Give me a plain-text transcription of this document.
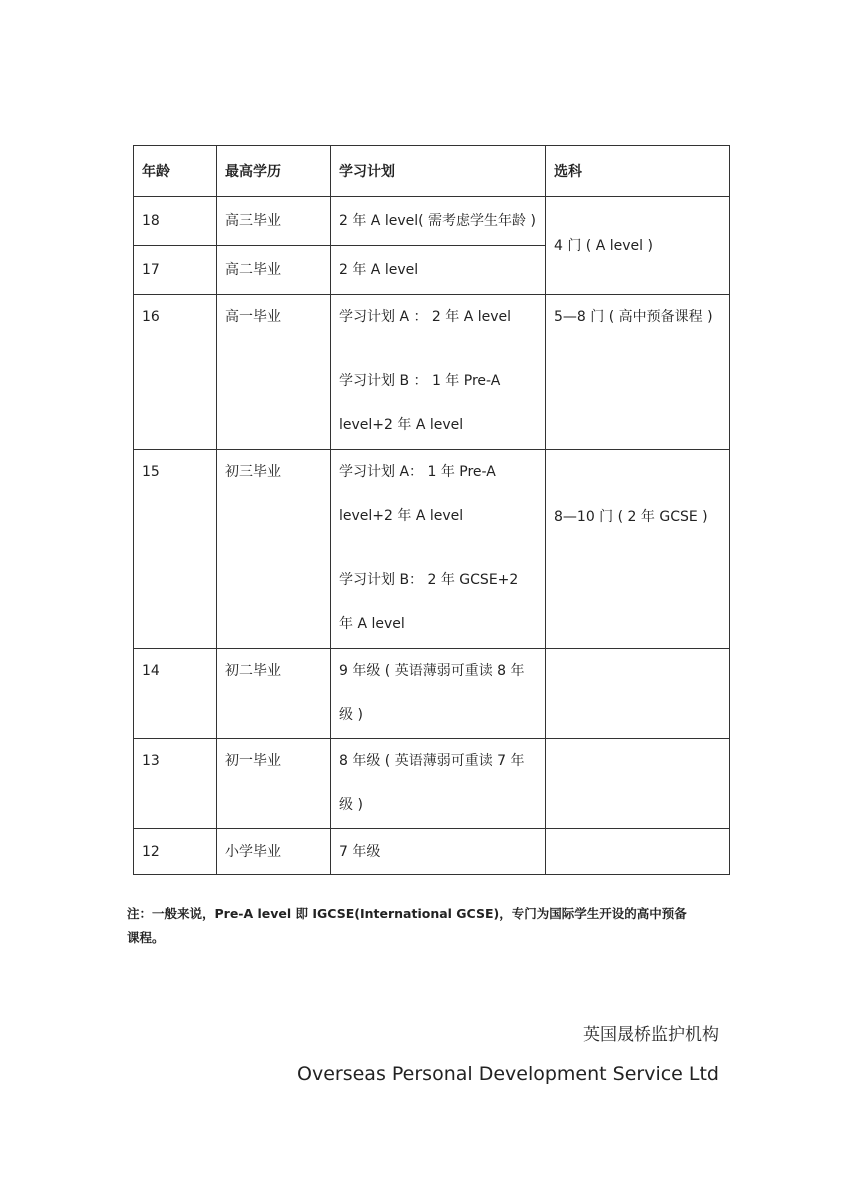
年龄	最高学历	学习计划	选科
18	高三毕业	2 年 A level( 需考虑学生年龄 )	4 门 ( A level )
17	高二毕业	2 年 A level	
16	高一毕业	学习计划 A ： 2 年 A level
学习计划 B ： 1 年 Pre-A
level+2 年 A level	5—8 门 ( 高中预备课程 )

15	初三毕业	学习计划 A： 1 年 Pre-A
level+2 年 A level
学习计划 B： 2 年 GCSE+2
年 A level	8—10 门 ( 2 年 GCSE )

14	初二毕业	9 年级 ( 英语薄弱可重读 8 年
级 )	

13	初一毕业	8 年级 ( 英语薄弱可重读 7 年
级 )	

12	小学毕业	7 年级	
注：一般来说，Pre-A level 即 IGCSE(International GCSE)，专门为国际学生开设的高中预备
课程。
英国晟桥监护机构
Overseas Personal Development Service Ltd
